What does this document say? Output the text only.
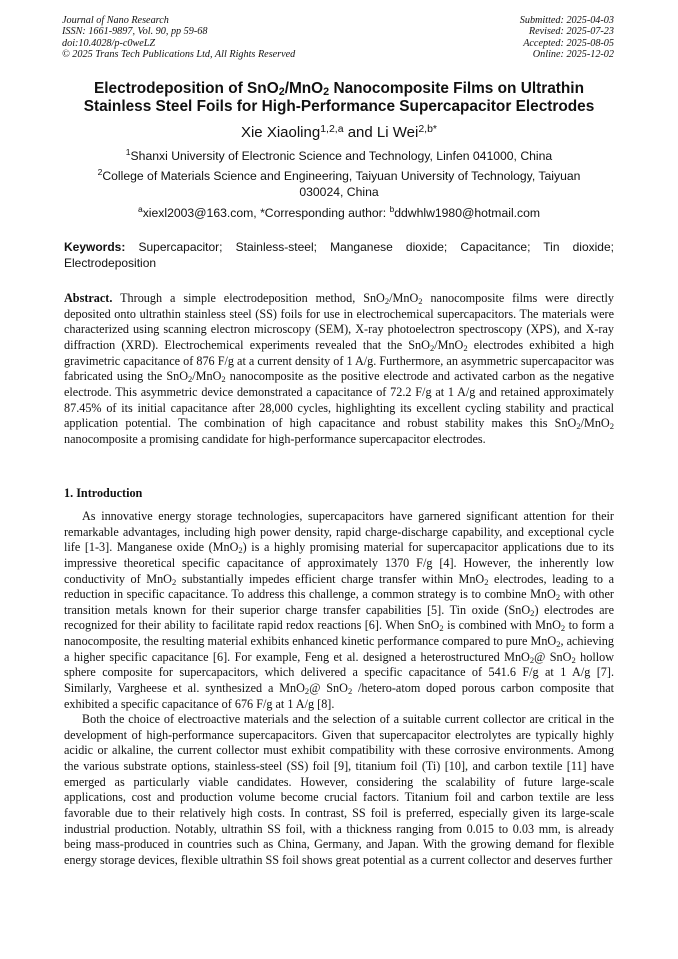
Journal of Nano Research
ISSN: 1661-9897, Vol. 90, pp 59-68
doi:10.4028/p-c0weLZ
© 2025 Trans Tech Publications Ltd, All Rights Reserved
Submitted: 2025-04-03
Revised: 2025-07-23
Accepted: 2025-08-05
Online: 2025-12-02
Electrodeposition of SnO$_2$/MnO$_2$ Nanocomposite Films on Ultrathin
Stainless Steel Foils for High-Performance Supercapacitor Electrodes
Xie Xiaoling$^{1,2,a}$ and Li Wei$^{2,b*}$
$^1$Shanxi University of Electronic Science and Technology, Linfen 041000, China
$^2$College of Materials Science and Engineering, Taiyuan University of Technology, Taiyuan 030024, China
$^a$xiexl2003@163.com, *Corresponding author: $^b$ddwhlw1980@hotmail.com
Keywords: Supercapacitor; Stainless-steel; Manganese dioxide; Capacitance; Tin dioxide; Electrodeposition
Abstract. Through a simple electrodeposition method, SnO$_2$/MnO$_2$ nanocomposite films were directly deposited onto ultrathin stainless steel (SS) foils for use in electrochemical supercapacitors. The materials were characterized using scanning electron microscopy (SEM), X-ray photoelectron spectroscopy (XPS), and X-ray diffraction (XRD). Electrochemical experiments revealed that the SnO$_2$/MnO$_2$ electrodes exhibited a high gravimetric capacitance of 876 F/g at a current density of 1 A/g. Furthermore, an asymmetric supercapacitor was fabricated using the SnO$_2$/MnO$_2$ nanocomposite as the positive electrode and activated carbon as the negative electrode. This asymmetric device demonstrated a capacitance of 72.2 F/g at 1 A/g and retained approximately 87.45% of its initial capacitance after 28,000 cycles, highlighting its excellent cycling stability and practical application potential. The combination of high capacitance and robust stability makes this SnO$_2$/MnO$_2$ nanocomposite a promising candidate for high-performance supercapacitor electrodes.
1. Introduction

As innovative energy storage technologies, supercapacitors have garnered significant attention for their remarkable advantages, including high power density, rapid charge-discharge capability, and exceptional cycle life [1-3]. Manganese oxide (MnO$_2$) is a highly promising material for supercapacitor applications due to its impressive theoretical specific capacitance of approximately 1370 F/g [4]. However, the inherently low conductivity of MnO$_2$ substantially impedes efficient charge transfer within MnO$_2$ electrodes, leading to a reduction in specific capacitance. To address this challenge, a common strategy is to combine MnO$_2$ with other transition metals known for their superior charge transfer capabilities [5]. Tin oxide (SnO$_2$) electrodes are recognized for their ability to facilitate rapid redox reactions [6]. When SnO$_2$ is combined with MnO$_2$ to form a nanocomposite, the resulting material exhibits enhanced kinetic performance compared to pure MnO$_2$, achieving a higher specific capacitance [6]. For example, Feng et al. designed a heterostructured MnO$_2$@ SnO$_2$ hollow sphere composite for supercapacitors, which delivered a specific capacitance of 541.6 F/g at 1 A/g [7]. Similarly, Vargheese et al. synthesized a MnO$_2$@ SnO$_2$ /hetero-atom doped porous carbon composite that exhibited a specific capacitance of 676 F/g at 1 A/g [8].

Both the choice of electroactive materials and the selection of a suitable current collector are critical in the development of high-performance supercapacitors. Given that supercapacitor electrolytes are typically highly acidic or alkaline, the current collector must exhibit compatibility with these corrosive environments. Among the various substrate options, stainless-steel (SS) foil [9], titanium foil (Ti) [10], and carbon textile [11] have emerged as particularly viable candidates. However, considering the scalability of future large-scale applications, cost and production volume become crucial factors. Titanium foil and carbon textile are less favorable due to their relatively high costs. In contrast, SS foil is preferred, especially given its large-scale industrial production. Notably, ultrathin SS foil, with a thickness ranging from 0.015 to 0.03 mm, is already being mass-produced in countries such as China, Germany, and Japan. With the growing demand for flexible energy storage devices, flexible ultrathin SS foil shows great potential as a current collector and deserves further
